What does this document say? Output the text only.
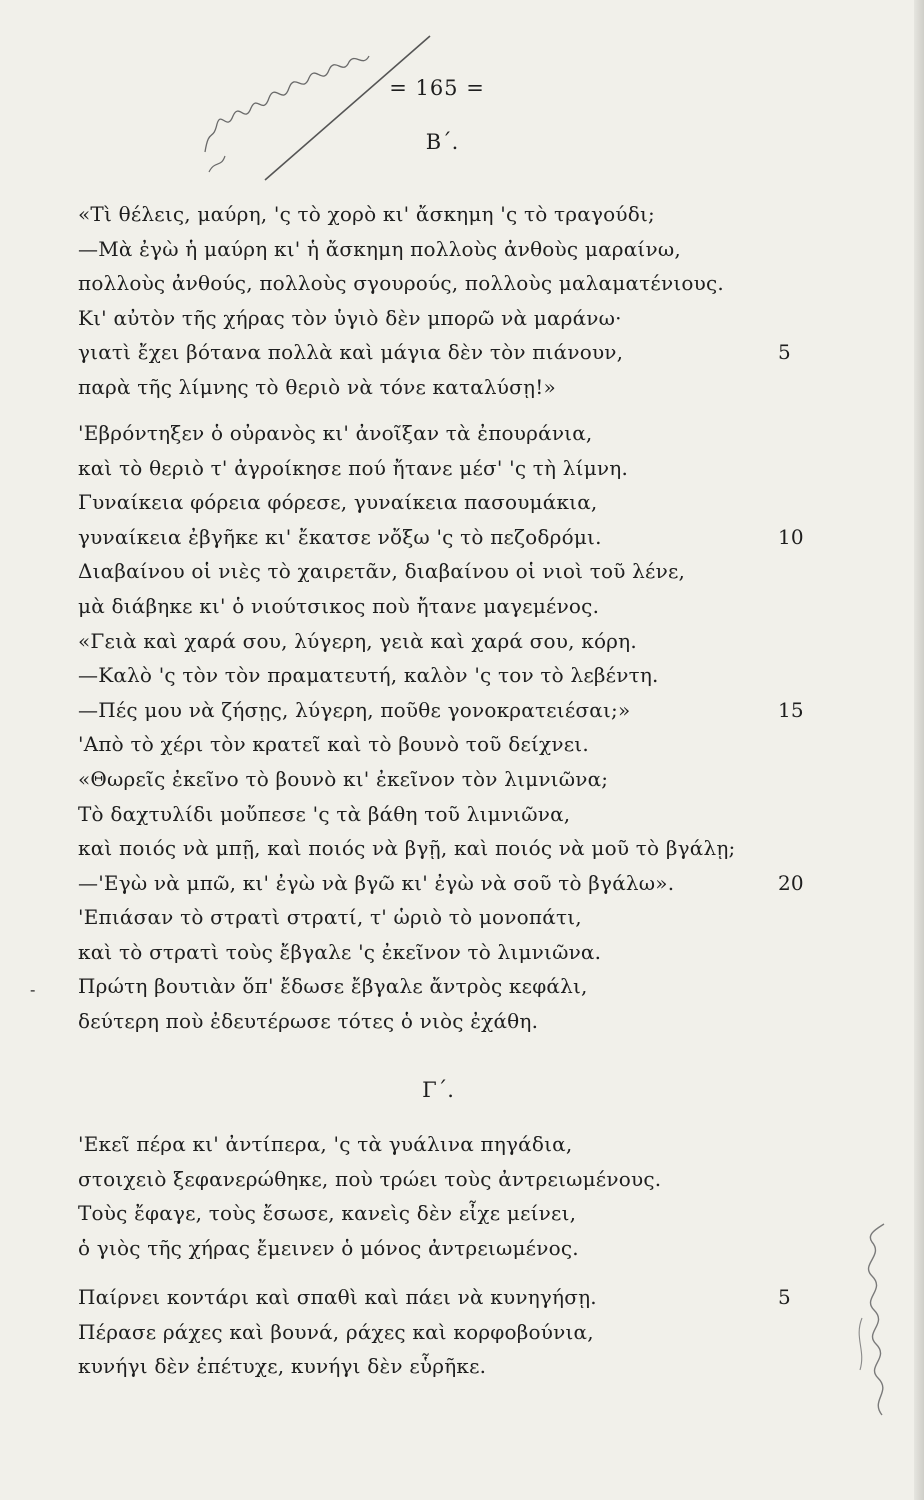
= 165 =
Β΄.
«Τὶ θέλεις, μαύρη, 'ς τὸ χορὸ κι' ἄσκημη 'ς τὸ τραγούδι;
—Μὰ ἐγὼ ἡ μαύρη κι' ἡ ἄσκημη πολλοὺς ἀνθοὺς μαραίνω,
πολλοὺς ἀνθούς, πολλοὺς σγουρούς, πολλοὺς μαλαματένιους.
Κι' αὐτὸν τῆς χήρας τὸν ὑγιὸ δὲν μπορῶ νὰ μαράνω·
γιατὶ ἔχει βότανα πολλὰ καὶ μάγια δὲν τὸν πιάνουν,	5
παρὰ τῆς λίμνης τὸ θεριὸ νὰ τόνε καταλύσῃ!»
'Εβρόντηξεν ὁ οὐρανὸς κι' ἀνοῖξαν τὰ ἐπουράνια,
καὶ τὸ θεριὸ τ' ἀγροίκησε πού ἤτανε μέσ' 'ς τὴ λίμνη.
Γυναίκεια φόρεια φόρεσε, γυναίκεια πασουμάκια,
γυναίκεια ἐβγῆκε κι' ἔκατσε νὄξω 'ς τὸ πεζοδρόμι.	10
Διαβαίνου οἱ νιὲς τὸ χαιρετᾶν, διαβαίνου οἱ νιοὶ τοῦ λένε,
μὰ διάβηκε κι' ὁ νιούτσικος ποὺ ἤτανε μαγεμένος.
«Γειὰ καὶ χαρά σου, λύγερη, γειὰ καὶ χαρά σου, κόρη.
—Καλὸ 'ς τὸν τὸν πραματευτή, καλὸν 'ς τον τὸ λεβέντη.
—Πές μου νὰ ζήσῃς, λύγερη, ποῦθε γονοκρατειέσαι;»	15
'Απὸ τὸ χέρι τὸν κρατεῖ καὶ τὸ βουνὸ τοῦ δείχνει.
«Θωρεῖς ἐκεῖνο τὸ βουνὸ κι' ἐκεῖνον τὸν λιμνιῶνα;
Τὸ δαχτυλίδι μοὔπεσε 'ς τὰ βάθη τοῦ λιμνιῶνα,
καὶ ποιός νὰ μπῇ, καὶ ποιός νὰ βγῇ, καὶ ποιός νὰ μοῦ τὸ βγάλῃ;
—'Εγὼ νὰ μπῶ, κι' ἐγὼ νὰ βγῶ κι' ἐγὼ νὰ σοῦ τὸ βγάλω».	20
'Επιάσαν τὸ στρατὶ στρατί, τ' ὡριὸ τὸ μονοπάτι,
καὶ τὸ στρατὶ τοὺς ἔβγαλε 'ς ἐκεῖνον τὸ λιμνιῶνα.
Πρώτη βουτιὰν ὅπ' ἔδωσε ἔβγαλε ἄντρὸς κεφάλι,
δεύτερη ποὺ ἐδευτέρωσε τότες ὁ νιὸς ἐχάθη.
-
Γ΄.
'Εκεῖ πέρα κι' ἀντίπερα, 'ς τὰ γυάλινα πηγάδια,
στοιχειὸ ξεφανερώθηκε, ποὺ τρώει τοὺς ἀντρειωμένους.
Τοὺς ἔφαγε, τοὺς ἔσωσε, κανεὶς δὲν εἶχε μείνει,
ὁ γιὸς τῆς χήρας ἔμεινεν ὁ μόνος ἀντρειωμένος.
Παίρνει κοντάρι καὶ σπαθὶ καὶ πάει νὰ κυνηγήσῃ.	5
Πέρασε ράχες καὶ βουνά, ράχες καὶ κορφοβούνια,
κυνήγι δὲν ἐπέτυχε, κυνήγι δὲν εὗρῆκε.
